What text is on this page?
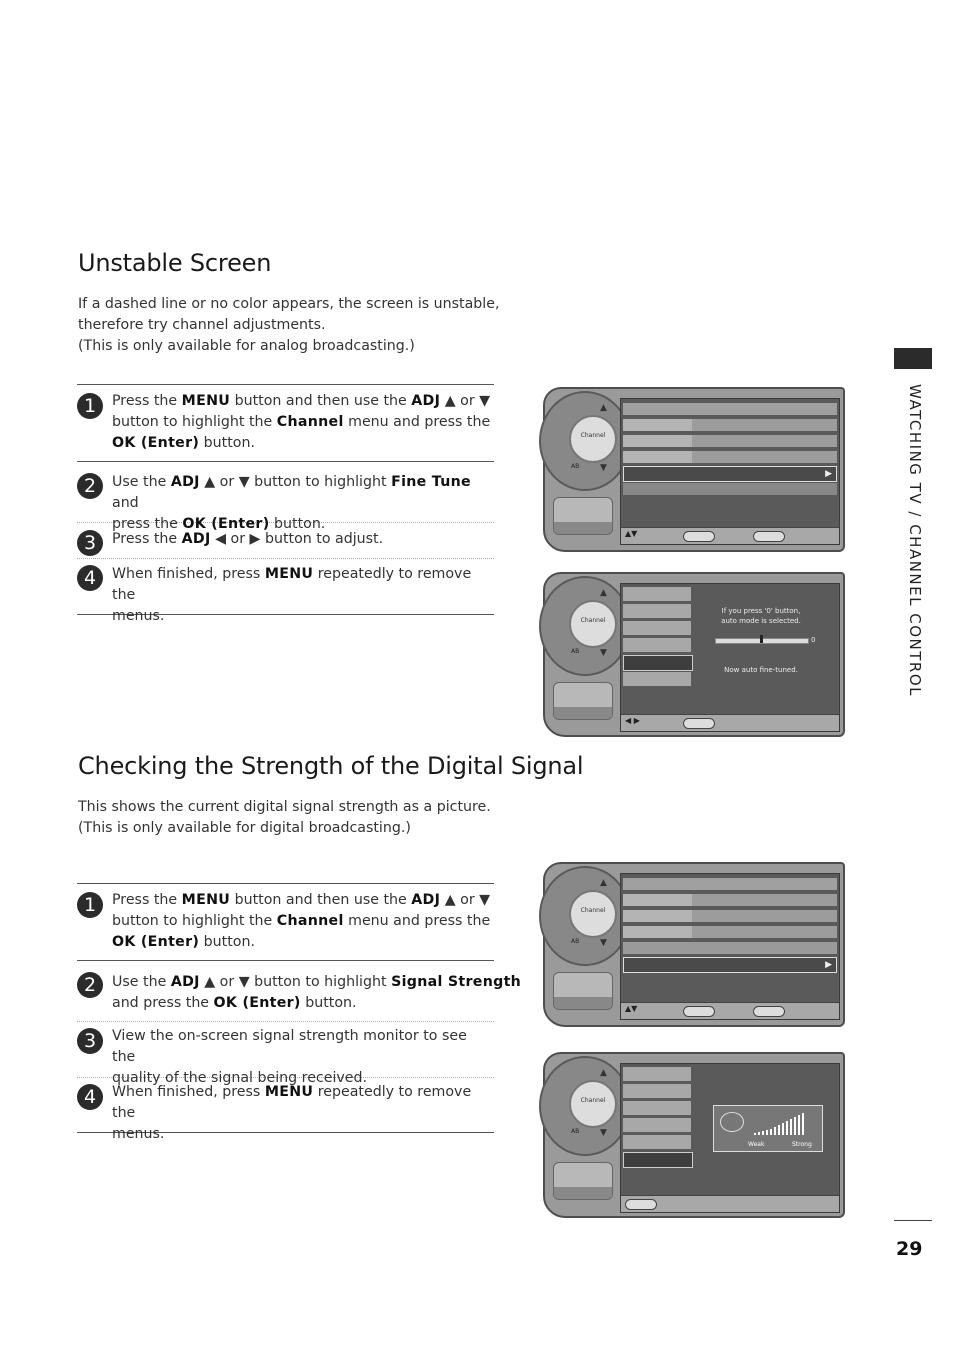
Unstable Screen
If a dashed line or no color appears, the screen is unstable,
therefore try channel adjustments.
(This is only available for analog broadcasting.)
1	Press the MENU button and then use the ADJ ▲ or ▼
button to highlight the Channel menu and press the
OK (Enter) button.
2	Use the ADJ ▲ or ▼ button to highlight Fine Tune and
press the OK (Enter) button.
3	Press the ADJ ◀ or ▶ button to adjust.
4	When finished, press MENU repeatedly to remove the
menus.
Channel
AB
▲
▼
▶
▲▼
Channel
AB
▲
▼
If you press '0' button,
auto mode is selected.
0
Now auto fine-tuned.
◀ ▶
Checking the Strength of the Digital Signal
This shows the current digital signal strength as a picture.
(This is only available for digital broadcasting.)
1	Press the MENU button and then use the ADJ ▲ or ▼
button to highlight the Channel menu and press the
OK (Enter) button.
2	Use the ADJ ▲ or ▼ button to highlight Signal Strength
and press the OK (Enter) button.
3	View the on-screen signal strength monitor to see the
quality of the signal being received.
4	When finished, press MENU repeatedly to remove the
menus.
Channel
AB
▲
▼
▶
▲▼
Channel
AB
▲
▼
Weak	Strong
WATCHING TV / CHANNEL CONTROL
29
